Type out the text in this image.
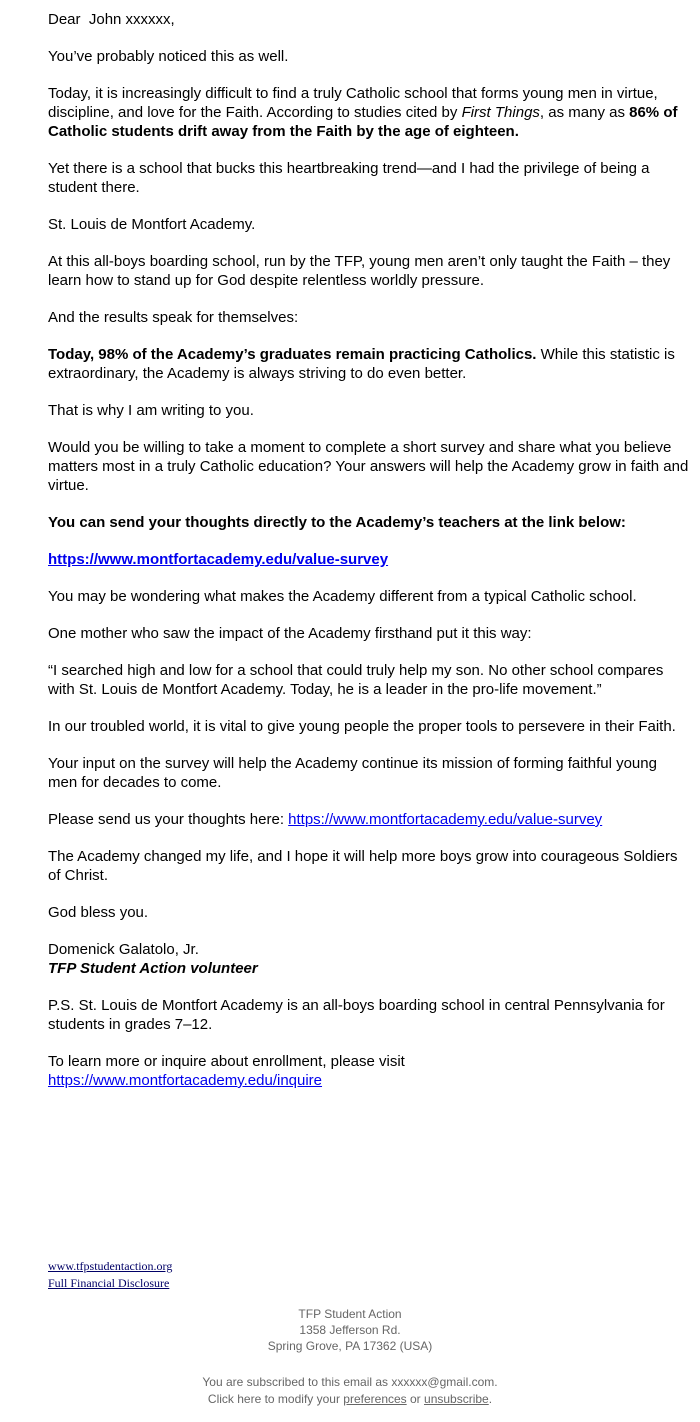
Dear  John xxxxxx,

You’ve probably noticed this as well.

Today, it is increasingly difficult to find a truly Catholic school that forms young men in virtue, discipline, and love for the Faith. According to studies cited by First Things, as many as 86% of Catholic students drift away from the Faith by the age of eighteen.

Yet there is a school that bucks this heartbreaking trend—and I had the privilege of being a student there.

St. Louis de Montfort Academy.

At this all-boys boarding school, run by the TFP, young men aren’t only taught the Faith – they learn how to stand up for God despite relentless worldly pressure.

And the results speak for themselves:

Today, 98% of the Academy’s graduates remain practicing Catholics. While this statistic is extraordinary, the Academy is always striving to do even better.

That is why I am writing to you.

Would you be willing to take a moment to complete a short survey and share what you believe matters most in a truly Catholic education? Your answers will help the Academy grow in faith and virtue.

You can send your thoughts directly to the Academy’s teachers at the link below:

https://www.montfortacademy.edu/value-survey

You may be wondering what makes the Academy different from a typical Catholic school.

One mother who saw the impact of the Academy firsthand put it this way:

“I searched high and low for a school that could truly help my son. No other school compares with St. Louis de Montfort Academy. Today, he is a leader in the pro-life movement.”

In our troubled world, it is vital to give young people the proper tools to persevere in their Faith.

Your input on the survey will help the Academy continue its mission of forming faithful young men for decades to come.

Please send us your thoughts here: https://www.montfortacademy.edu/value-survey

The Academy changed my life, and I hope it will help more boys grow into courageous Soldiers of Christ.

God bless you.

Domenick Galatolo, Jr.
TFP Student Action volunteer

P.S. St. Louis de Montfort Academy is an all-boys boarding school in central Pennsylvania for students in grades 7–12.

To learn more or inquire about enrollment, please visit
https://www.montfortacademy.edu/inquire

www.tfpstudentaction.org
Full Financial Disclosure
TFP Student Action
1358 Jefferson Rd.
Spring Grove, PA 17362 (USA)
You are subscribed to this email as xxxxxx@gmail.com.
Click here to modify your preferences or unsubscribe.
